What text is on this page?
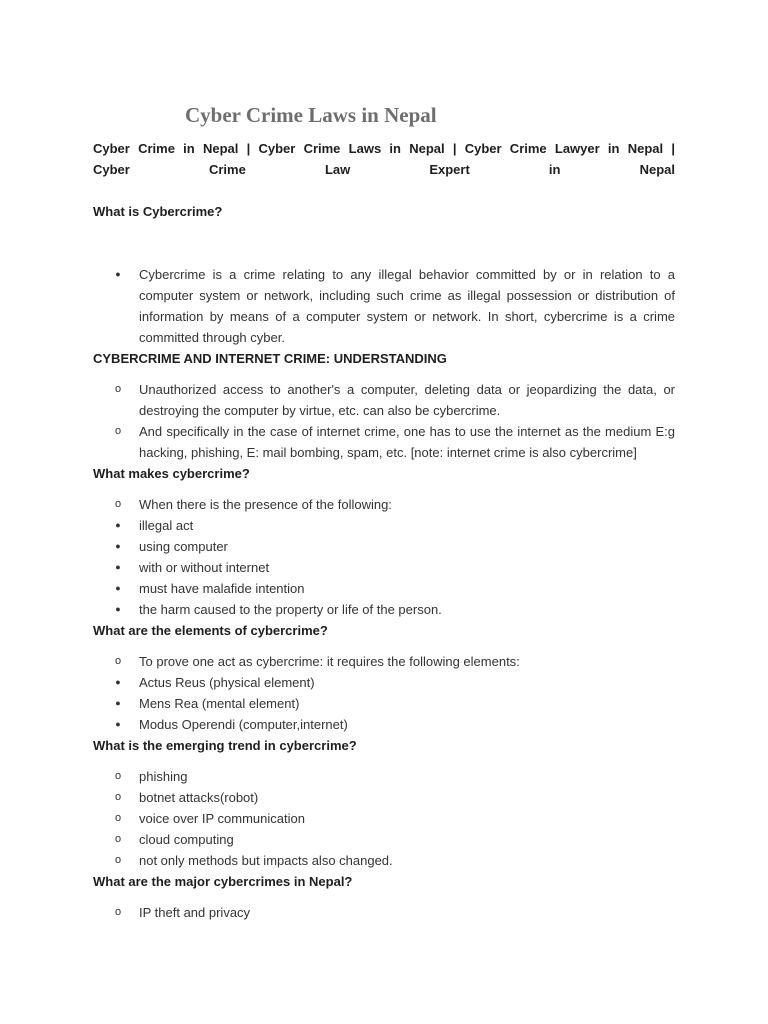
Cyber Crime Laws in Nepal
Cyber Crime in Nepal | Cyber Crime Laws in Nepal | Cyber Crime Lawyer in Nepal |
Cyber	Crime	Law	Expert	in	Nepal

What is Cybercrime?

● Cybercrime is a crime relating to any illegal behavior committed by or in relation to a computer system or network, including such crime as illegal possession or distribution of information by means of a computer system or network. In short, cybercrime is a crime committed through cyber.

CYBERCRIME AND INTERNET CRIME: UNDERSTANDING

o Unauthorized access to another's a computer, deleting data or jeopardizing the data, or destroying the computer by virtue, etc. can also be cybercrime.
o And specifically in the case of internet crime, one has to use the internet as the medium E:g hacking, phishing, E: mail bombing, spam, etc. [note: internet crime is also cybercrime]

What makes cybercrime?

o When there is the presence of the following:
● illegal act
● using computer
● with or without internet
● must have malafide intention
● the harm caused to the property or life of the person.

What are the elements of cybercrime?

o To prove one act as cybercrime: it requires the following elements:
● Actus Reus (physical element)
● Mens Rea (mental element)
● Modus Operendi (computer,internet)

What is the emerging trend in cybercrime?

o phishing
o botnet attacks(robot)
o voice over IP communication
o cloud computing
o not only methods but impacts also changed.

What are the major cybercrimes in Nepal?

o IP theft and privacy
